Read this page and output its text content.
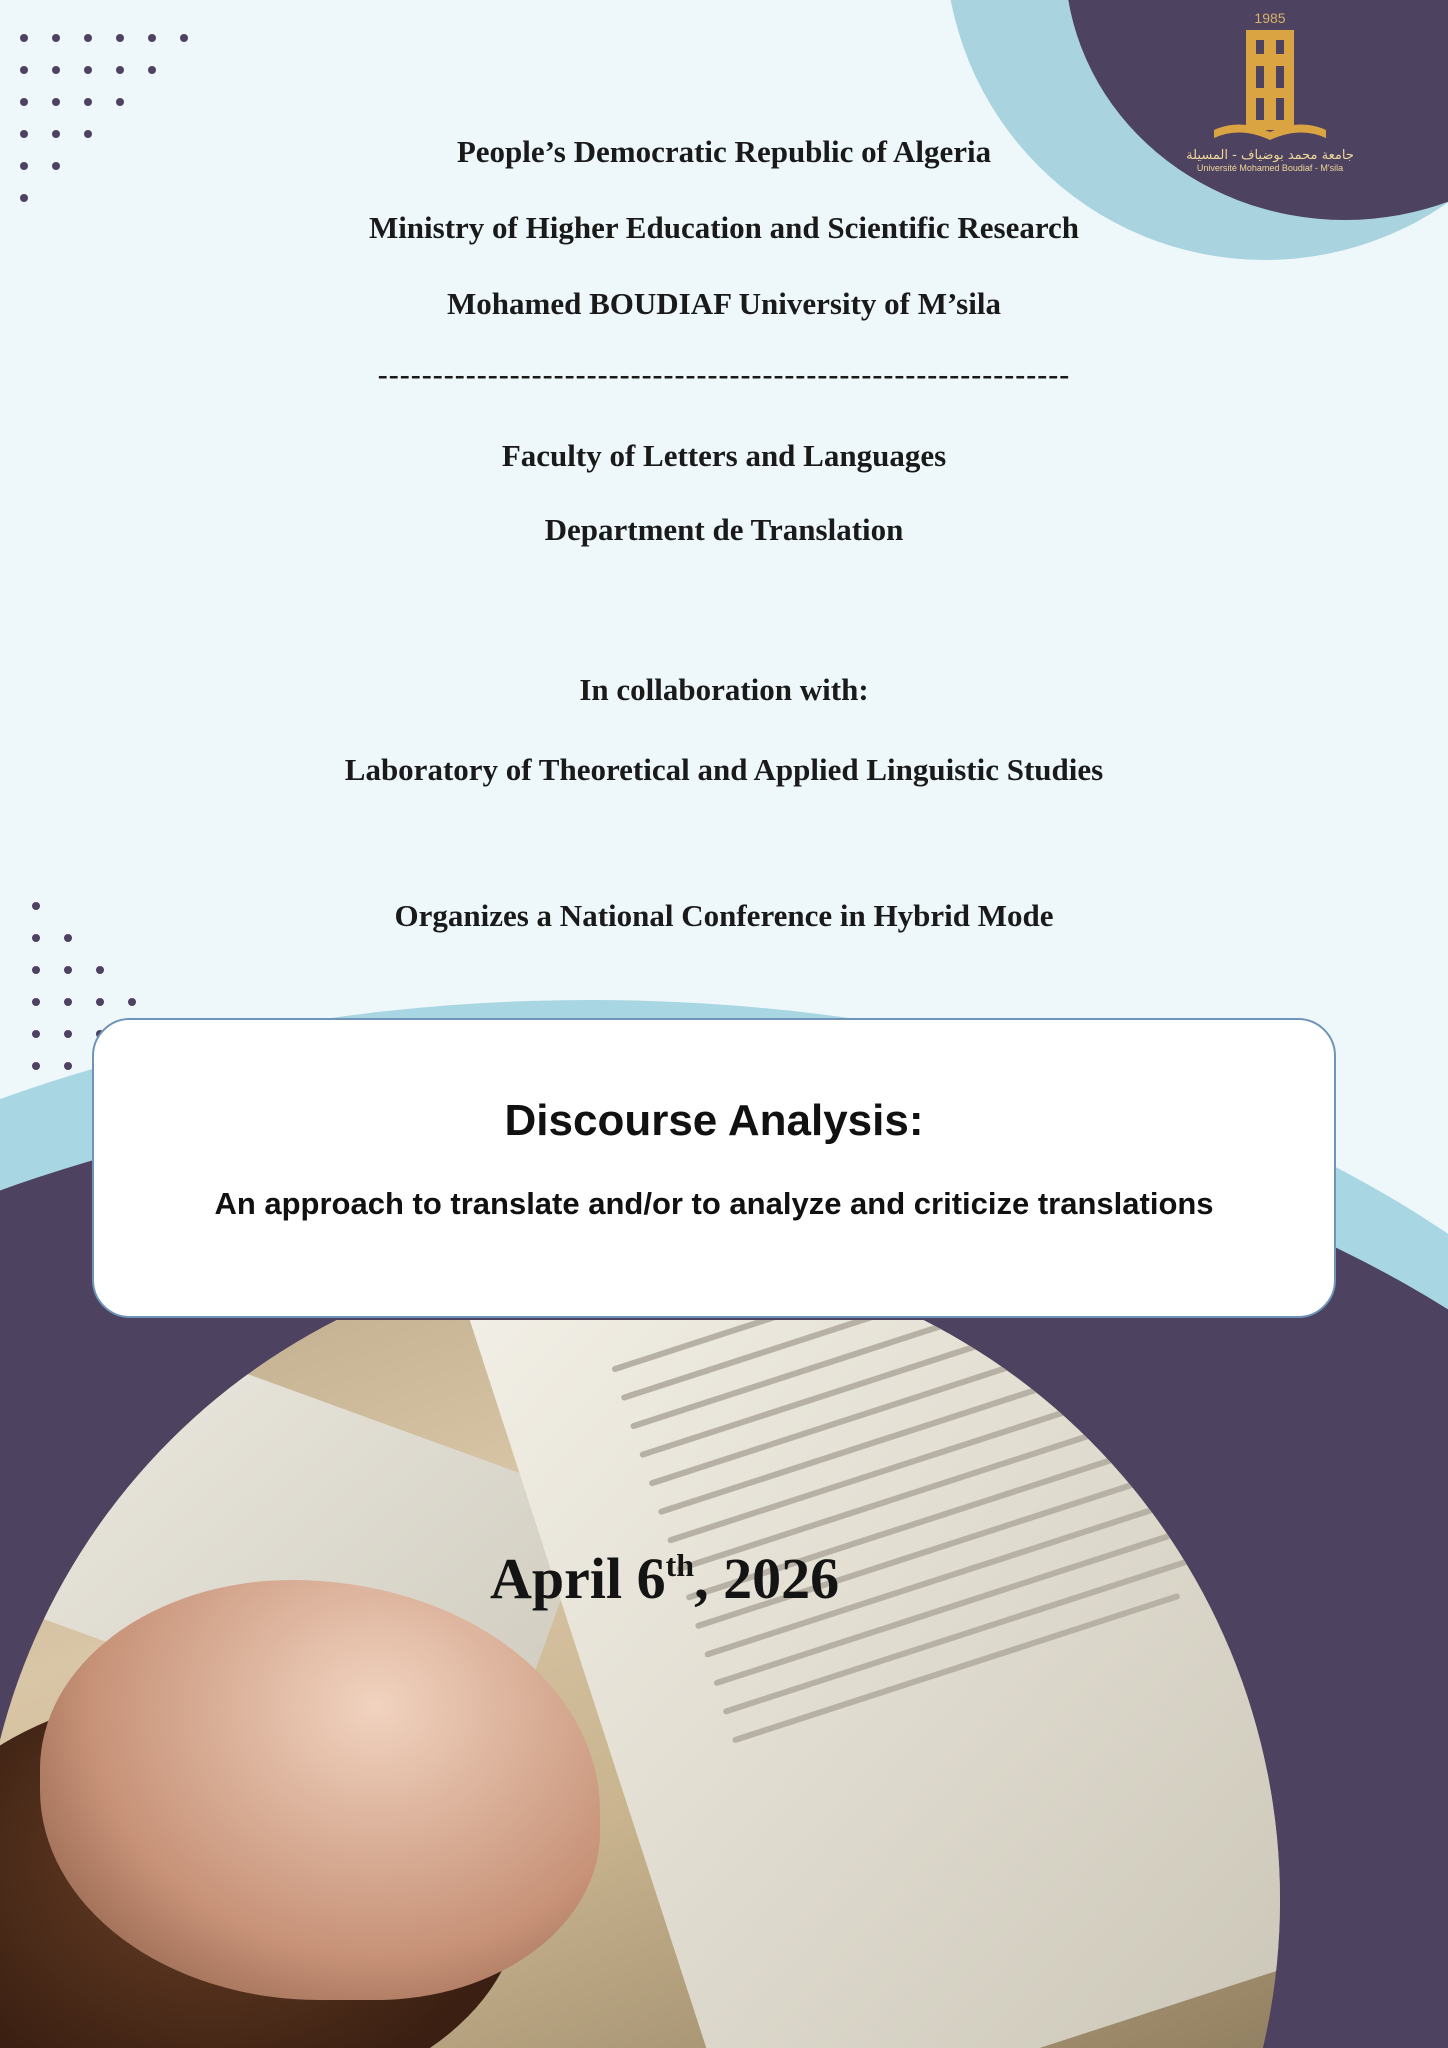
1985
جامعة محمد بوضياف - المسيلة
Université Mohamed Boudiaf - M'sila
People’s Democratic Republic of Algeria
Ministry of Higher Education and Scientific Research
Mohamed BOUDIAF University of M’sila
---------------------------------------------------------------
Faculty of Letters and Languages
Department de Translation
In collaboration with:
Laboratory of Theoretical and Applied Linguistic Studies
Organizes a National Conference in Hybrid Mode
Discourse Analysis:
An approach to translate and/or to analyze and criticize translations
April 6th, 2026
